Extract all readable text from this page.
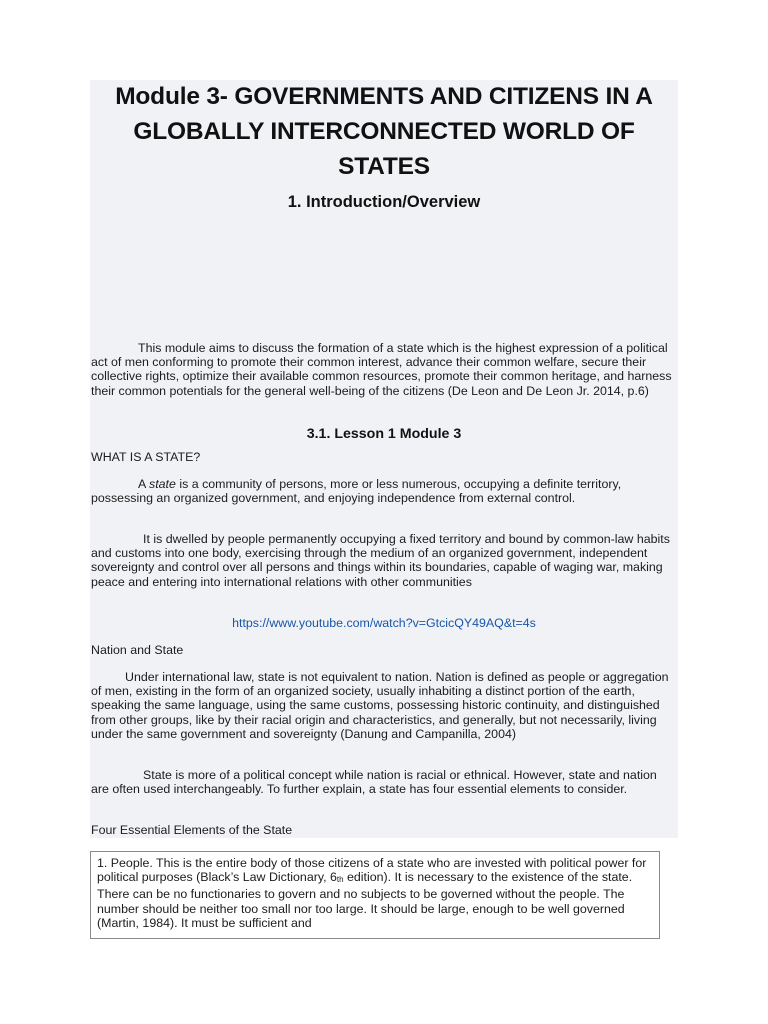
Module 3- GOVERNMENTS AND CITIZENS IN A GLOBALLY INTERCONNECTED WORLD OF STATES
1. Introduction/Overview

This module aims to discuss the formation of a state which is the highest expression of a political act of men conforming to promote their common interest, advance their common welfare, secure their collective rights, optimize their available common resources, promote their common heritage, and harness their common potentials for the general well-being of the citizens (De Leon and De Leon Jr. 2014, p.6)

3.1. Lesson 1 Module 3

WHAT IS A STATE?

A state is a community of persons, more or less numerous, occupying a definite territory, possessing an organized government, and enjoying independence from external control.

It is dwelled by people permanently occupying a fixed territory and bound by common-law habits and customs into one body, exercising through the medium of an organized government, independent sovereignty and control over all persons and things within its boundaries, capable of waging war, making peace and entering into international relations with other communities

https://www.youtube.com/watch?v=GtcicQY49AQ&t=4s

Nation and State

Under international law, state is not equivalent to nation. Nation is defined as people or aggregation of men, existing in the form of an organized society, usually inhabiting a distinct portion of the earth, speaking the same language, using the same customs, possessing historic continuity, and distinguished from other groups, like by their racial origin and characteristics, and generally, but not necessarily, living under the same government and sovereignty (Danung and Campanilla, 2004)

State is more of a political concept while nation is racial or ethnical. However, state and nation are often used interchangeably. To further explain, a state has four essential elements to consider.

Four Essential Elements of the State

1. People. This is the entire body of those citizens of a state who are invested with political power for political purposes (Black’s Law Dictionary, $6_{th}$ edition). It is necessary to the existence of the state. There can be no functionaries to govern and no subjects to be governed without the people. The number should be neither too small nor too large. It should be large, enough to be well governed (Martin, 1984). It must be sufficient and
